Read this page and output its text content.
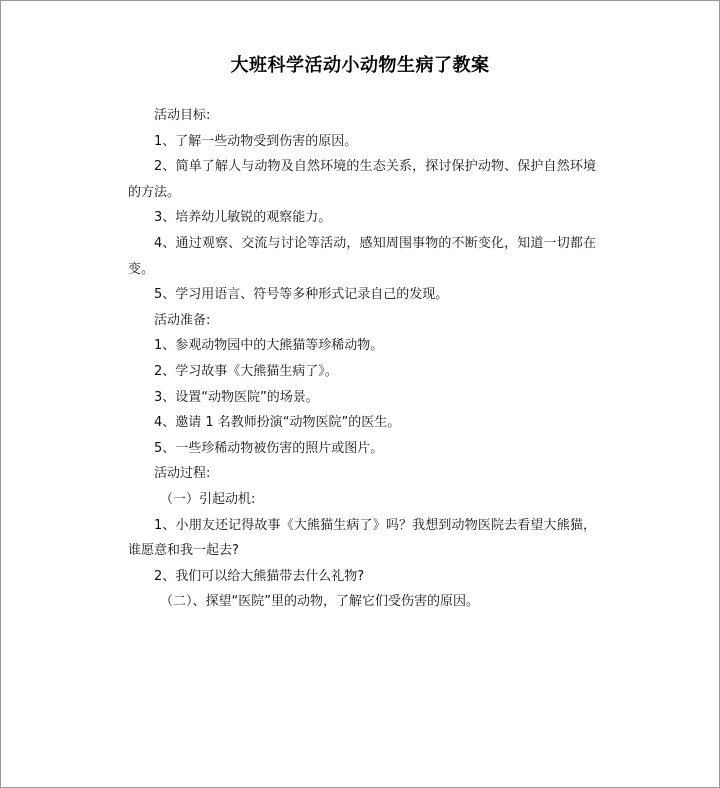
大班科学活动小动物生病了教案

活动目标:

1、了解一些动物受到伤害的原因。

2、简单了解人与动物及自然环境的生态关系，探讨保护动物、保护自然环境的方法。

3、培养幼儿敏锐的观察能力。

4、通过观察、交流与讨论等活动，感知周围事物的不断变化，知道一切都在变。

5、学习用语言、符号等多种形式记录自己的发现。

活动准备:

1、参观动物园中的大熊猫等珍稀动物。

2、学习故事《大熊猫生病了》。

3、设置“动物医院”的场景。

4、邀请 1 名教师扮演“动物医院”的医生。

5、一些珍稀动物被伤害的照片或图片。

活动过程:

（一）引起动机:

1、小朋友还记得故事《大熊猫生病了》吗？我想到动物医院去看望大熊猫，谁愿意和我一起去?

2、我们可以给大熊猫带去什么礼物?

（二）、探望“医院”里的动物，了解它们受伤害的原因。
